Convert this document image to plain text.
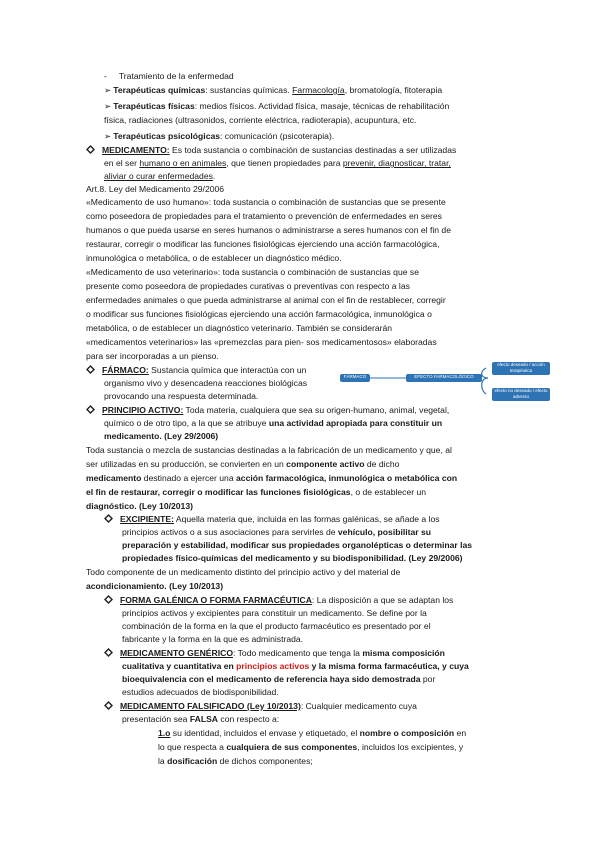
- Tratamiento de la enfermedad
➢ Terapéuticas químicas: sustancias químicas. Farmacología, bromatología, fitoterapia
➢ Terapéuticas físicas: medios físicos. Actividad física, masaje, técnicas de rehabilitación
física, radiaciones (ultrasonidos, corriente eléctrica, radioterapia), acupuntura, etc.
➢ Terapéuticas psicológicas: comunicación (psicoterapia).
MEDICAMENTO: Es toda sustancia o combinación de sustancias destinadas a ser utilizadas
en el ser humano o en animales, que tienen propiedades para prevenir, diagnosticar, tratar,
aliviar o curar enfermedades.
Art.8. Ley del Medicamento 29/2006
«Medicamento de uso humano»: toda sustancia o combinación de sustancias que se presente
como poseedora de propiedades para el tratamiento o prevención de enfermedades en seres
humanos o que pueda usarse en seres humanos o administrarse a seres humanos con el fin de
restaurar, corregir o modificar las funciones fisiológicas ejerciendo una acción farmacológica,
inmunológica o metabólica, o de establecer un diagnóstico médico.
«Medicamento de uso veterinario»: toda sustancia o combinación de sustancias que se
presente como poseedora de propiedades curativas o preventivas con respecto a las
enfermedades animales o que pueda administrarse al animal con el fin de restablecer, corregir
o modificar sus funciones fisiológicas ejerciendo una acción farmacológica, inmunológica o
metabólica, o de establecer un diagnóstico veterinario. También se considerarán
«medicamentos veterinarios» las «premezclas para pien- sos medicamentosos» elaboradas
para ser incorporadas a un pienso.
FÁRMACO: Sustancia química que interactúa con un
organismo vivo y desencadena reacciones biológicas
provocando una respuesta determinada.
FÁRMACO	EFECTO FARMACOLÓGICO
efecto deseado / acción terapéutica
efecto no deseado / efecto adverso
PRINCIPIO ACTIVO: Toda materia, cualquiera que sea su origen-humano, animal, vegetal,
químico o de otro tipo, a la que se atribuye una actividad apropiada para constituir un
medicamento. (Ley 29/2006)
Toda sustancia o mezcla de sustancias destinadas a la fabricación de un medicamento y que, al
ser utilizadas en su producción, se convierten en un componente activo de dicho
medicamento destinado a ejercer una acción farmacológica, inmunológica o metabólica con
el fin de restaurar, corregir o modificar las funciones fisiológicas, o de establecer un
diagnóstico. (Ley 10/2013)
EXCIPIENTE: Aquella materia que, incluida en las formas galénicas, se añade a los
principios activos o a sus asociaciones para servirles de vehículo, posibilitar su
preparación y estabilidad, modificar sus propiedades organolépticas o determinar las
propiedades físico-químicas del medicamento y su biodisponibilidad. (Ley 29/2006)
Todo componente de un medicamento distinto del principio activo y del material de
acondicionamiento. (Ley 10/2013)
FORMA GALÉNICA O FORMA FARMACÉUTICA: La disposición a que se adaptan los
principios activos y excipientes para constituir un medicamento. Se define por la
combinación de la forma en la que el producto farmacéutico es presentado por el
fabricante y la forma en la que es administrada.
MEDICAMENTO GENÉRICO: Todo medicamento que tenga la misma composición
cualitativa y cuantitativa en principios activos y la misma forma farmacéutica, y cuya
bioequivalencia con el medicamento de referencia haya sido demostrada por
estudios adecuados de biodisponibilidad.
MEDICAMENTO FALSIFICADO (Ley 10/2013): Cualquier medicamento cuya
presentación sea FALSA con respecto a:
1.o su identidad, incluidos el envase y etiquetado, el nombre o composición en
lo que respecta a cualquiera de sus componentes, incluidos los excipientes, y
la dosificación de dichos componentes;
